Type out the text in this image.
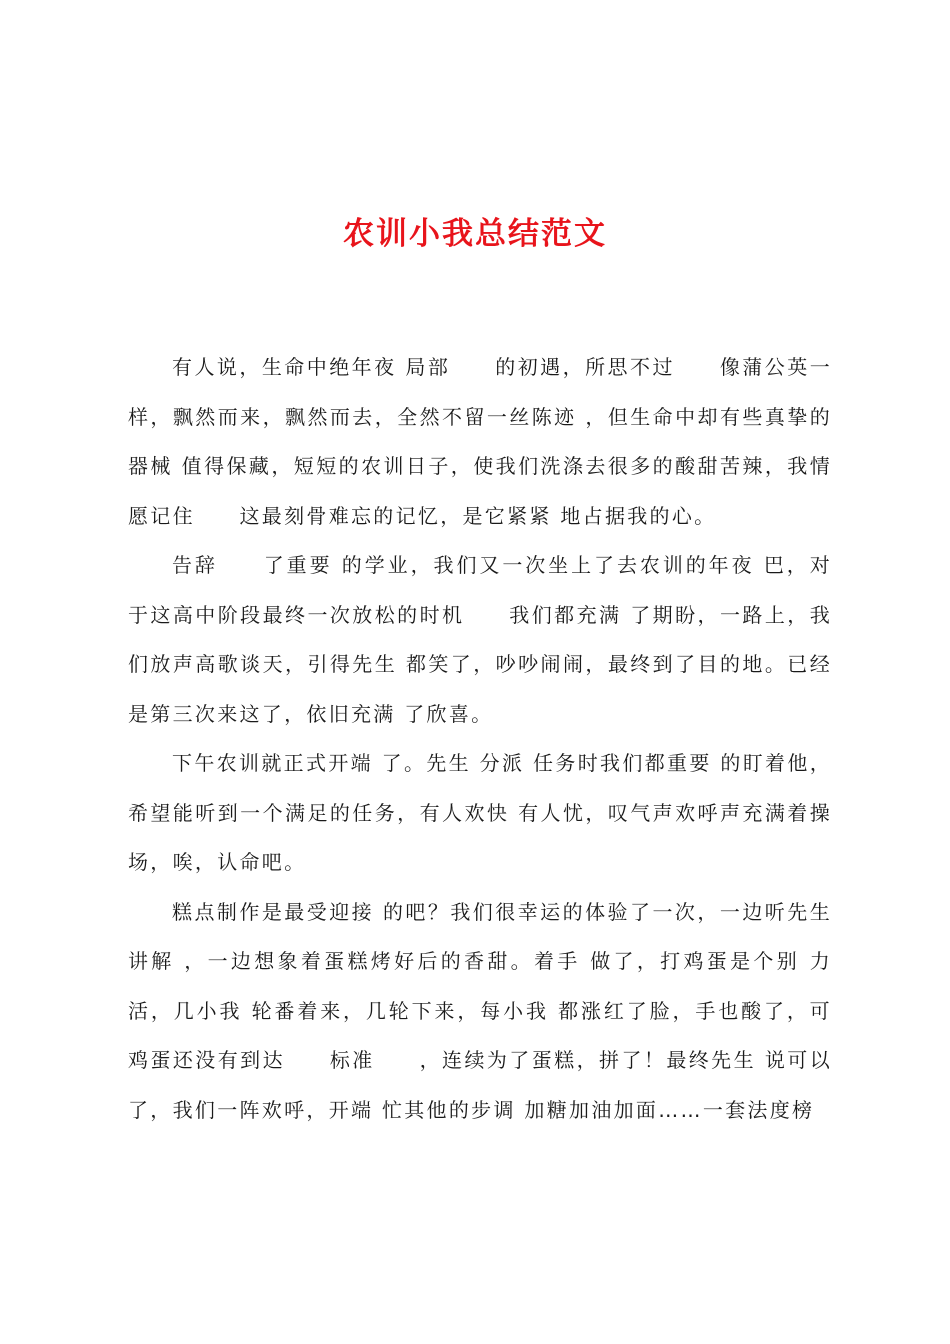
农训小我总结范文

有人说，生命中绝年夜 局部　　的初遇，所思不过　　像蒲公英一样，飘然而来，飘然而去，全然不留一丝陈迹 ，但生命中却有些真挚的器械 值得保藏，短短的农训日子，使我们洗涤去很多的酸甜苦辣，我情愿记住　　这最刻骨难忘的记忆，是它紧紧 地占据我的心。

告辞　　了重要 的学业，我们又一次坐上了去农训的年夜 巴，对于这高中阶段最终一次放松的时机　　我们都充满 了期盼，一路上，我们放声高歌谈天，引得先生 都笑了，吵吵闹闹，最终到了目的地。已经是第三次来这了，依旧充满 了欣喜。

下午农训就正式开端 了。先生 分派 任务时我们都重要 的盯着他，希望能听到一个满足的任务，有人欢快 有人忧，叹气声欢呼声充满着操场，唉，认命吧。

糕点制作是最受迎接 的吧？我们很幸运的体验了一次，一边听先生讲解 ，一边想象着蛋糕烤好后的香甜。着手 做了，打鸡蛋是个别 力活，几小我 轮番着来，几轮下来，每小我 都涨红了脸，手也酸了，可鸡蛋还没有到达　　标准　　，连续为了蛋糕，拼了！最终先生 说可以了，我们一阵欢呼，开端 忙其他的步调 加糖加油加面……一套法度榜
